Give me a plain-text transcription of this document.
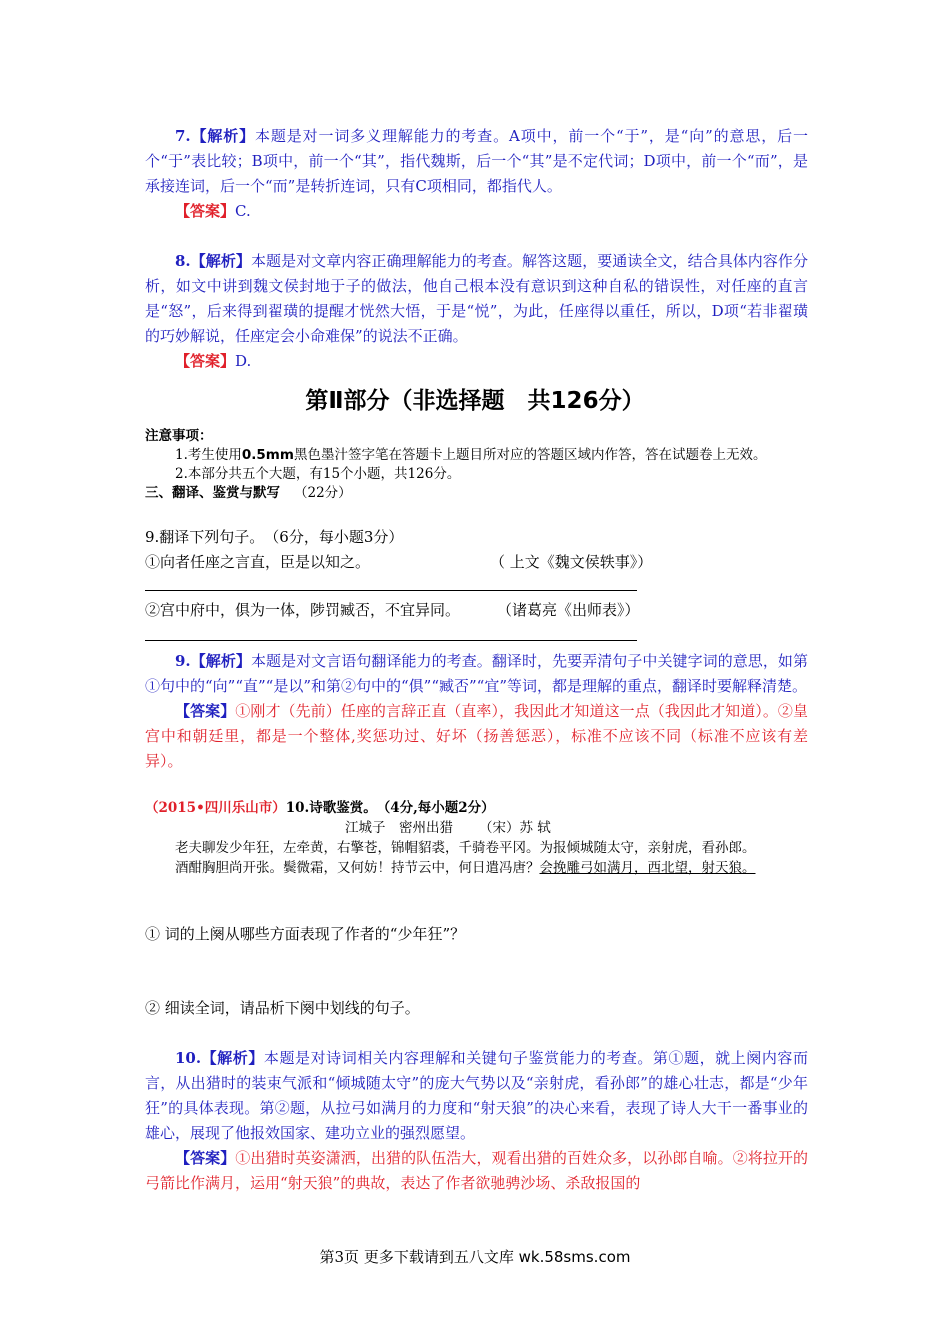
7.【解析】本题是对一词多义理解能力的考查。A项中，前一个“于”，是“向”的意思，后一个“于”表比较；B项中，前一个“其”，指代魏斯，后一个“其”是不定代词；D项中，前一个“而”，是承接连词，后一个“而”是转折连词，只有C项相同，都指代人。

【答案】C.

8.【解析】本题是对文章内容正确理解能力的考查。解答这题，要通读全文，结合具体内容作分析，如文中讲到魏文侯封地于子的做法，他自己根本没有意识到这种自私的错误性，对任座的直言是“怒”，后来得到翟璜的提醒才恍然大悟，于是“悦”，为此，任座得以重任，所以，D项“若非翟璜的巧妙解说，任座定会小命难保”的说法不正确。

【答案】D.

第Ⅱ部分（非选择题　共126分）

注意事项：

1.考生使用0.5mm黑色墨汁签字笔在答题卡上题目所对应的答题区域内作答，答在试题卷上无效。

2.本部分共五个大题，有15个小题，共126分。

三、翻译、鉴赏与默写 （22分）

9.翻译下列句子。　（6分，每小题3分）

①向者任座之言直，臣是以知之。	（ 上文《魏文侯轶事》）

②宫中府中，俱为一体，陟罚臧否，不宜异同。 （诸葛亮《出师表》）

9.【解析】本题是对文言语句翻译能力的考查。翻译时，先要弄清句子中关键字词的意思，如第①句中的“向”“直”“是以”和第②句中的“俱”“臧否”“宜”等词，都是理解的重点，翻译时要解释清楚。

【答案】①刚才（先前）任座的言辞正直（直率），我因此才知道这一点（我因此才知道）。②皇宫中和朝廷里，都是一个整体,奖惩功过、好坏（扬善惩恶），标准不应该不同（标准不应该有差异）。

（2015•四川乐山市）10.诗歌鉴赏。　（4分,每小题2分）

江城子　密州出猎 （宋）苏 轼

老夫聊发少年狂，左牵黄，右擎苍，锦帽貂裘，千骑卷平冈。为报倾城随太守，亲射虎，看孙郎。

酒酣胸胆尚开张。鬓微霜，又何妨！持节云中，何日遣冯唐？会挽雕弓如满月，西北望，射天狼。

① 词的上阕从哪些方面表现了作者的“少年狂”？

② 细读全词，请品析下阕中划线的句子。

10.【解析】本题是对诗词相关内容理解和关键句子鉴赏能力的考查。第①题，就上阕内容而言，从出猎时的装束气派和“倾城随太守”的庞大气势以及“亲射虎，看孙郎”的雄心壮志，都是“少年狂”的具体表现。第②题，从拉弓如满月的力度和“射天狼”的决心来看，表现了诗人大干一番事业的雄心，展现了他报效国家、建功立业的强烈愿望。

【答案】①出猎时英姿潇洒，出猎的队伍浩大，观看出猎的百姓众多，以孙郎自喻。②将拉开的弓箭比作满月，运用“射天狼”的典故，表达了作者欲驰骋沙场、杀敌报国的

第3页 更多下载请到五八文库 wk.58sms.com
